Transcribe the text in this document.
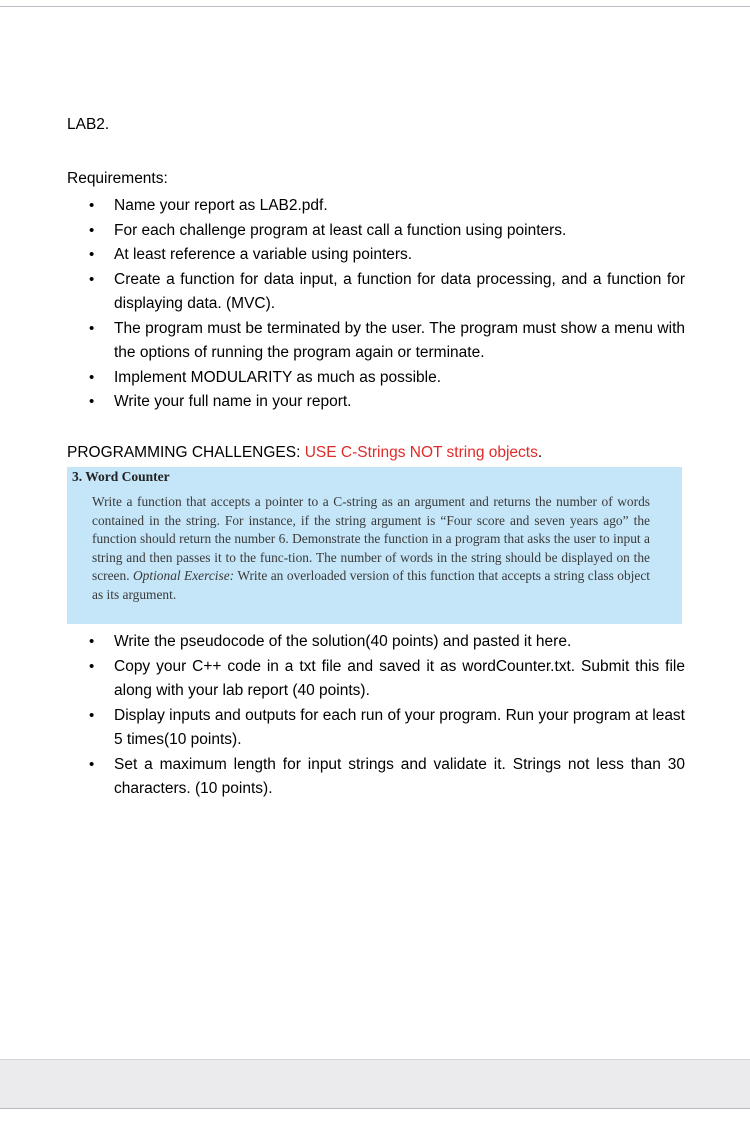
LAB2.
Requirements:
• Name your report as LAB2.pdf.
• For each challenge program at least call a function using pointers.
• At least reference a variable using pointers.
• Create a function for data input, a function for data processing, and a function for displaying data. (MVC).
• The program must be terminated by the user. The program must show a menu with the options of running the program again or terminate.
• Implement MODULARITY as much as possible.
• Write your full name in your report.
PROGRAMMING CHALLENGES: USE C-Strings NOT string objects.
3. Word Counter
Write a function that accepts a pointer to a C-string as an argument and returns the number of words contained in the string. For instance, if the string argument is “Four score and seven years ago” the function should return the number 6. Demonstrate the function in a program that asks the user to input a string and then passes it to the func-tion. The number of words in the string should be displayed on the screen. Optional Exercise: Write an overloaded version of this function that accepts a string class object as its argument.
• Write the pseudocode of the solution(40 points) and pasted it here.
• Copy your C++ code in a txt file and saved it as wordCounter.txt. Submit this file along with your lab report (40 points).
• Display inputs and outputs for each run of your program. Run your program at least 5 times(10 points).
• Set a maximum length for input strings and validate it. Strings not less than 30 characters. (10 points).
